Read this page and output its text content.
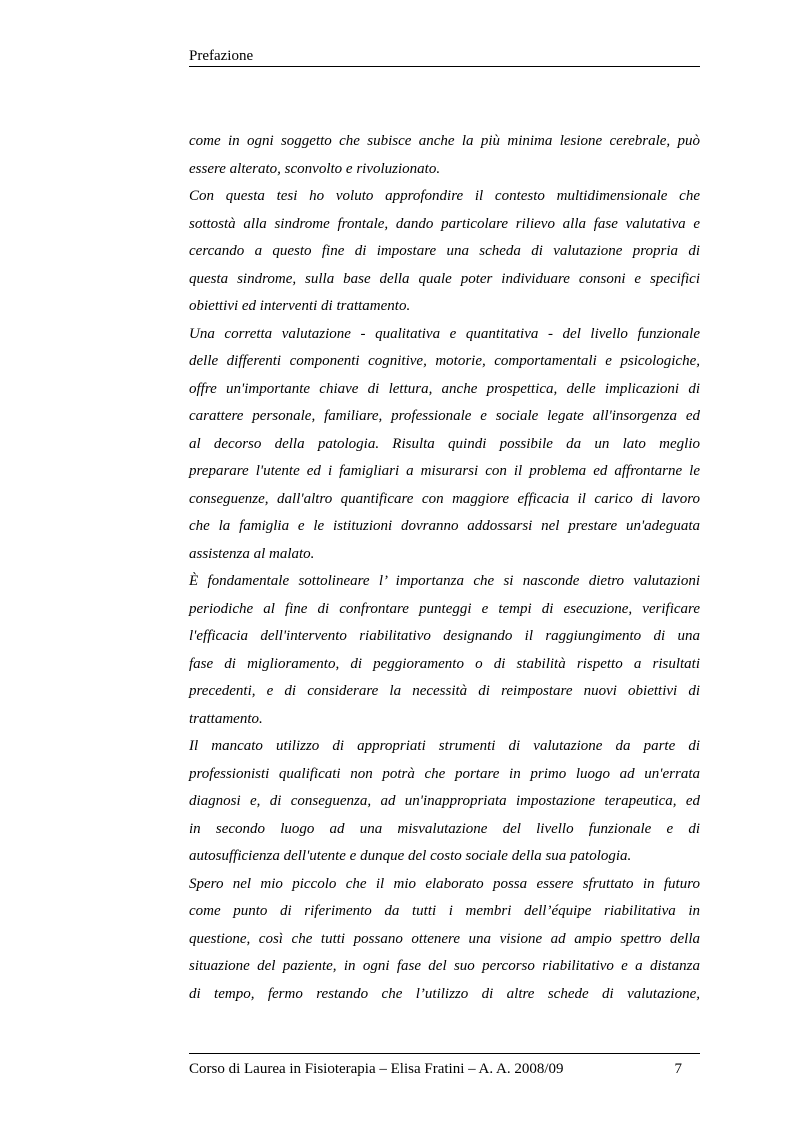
Prefazione
come in ogni soggetto che subisce anche la più minima lesione cerebrale, può
essere alterato, sconvolto e rivoluzionato.
Con questa tesi ho voluto approfondire il contesto multidimensionale che
sottostà alla sindrome frontale, dando particolare rilievo alla fase valutativa e
cercando a questo fine di impostare una scheda di valutazione propria di
questa sindrome, sulla base della quale poter individuare consoni e specifici
obiettivi ed interventi di trattamento.
Una corretta valutazione - qualitativa e quantitativa - del livello funzionale
delle differenti componenti cognitive, motorie, comportamentali e psicologiche,
offre un'importante chiave di lettura, anche prospettica, delle implicazioni di
carattere personale, familiare, professionale e sociale legate all'insorgenza ed
al decorso della patologia. Risulta quindi possibile da un lato meglio
preparare l'utente ed i famigliari a misurarsi con il problema ed affrontarne le
conseguenze, dall'altro quantificare con maggiore efficacia il carico di lavoro
che la famiglia e le istituzioni dovranno addossarsi nel prestare un'adeguata
assistenza al malato.
È fondamentale sottolineare l’ importanza che si nasconde dietro valutazioni
periodiche al fine di confrontare punteggi e tempi di esecuzione, verificare
l'efficacia dell'intervento riabilitativo designando il raggiungimento di una
fase di miglioramento, di peggioramento o di stabilità rispetto a risultati
precedenti, e di considerare la necessità di reimpostare nuovi obiettivi di
trattamento.
Il mancato utilizzo di appropriati strumenti di valutazione da parte di
professionisti qualificati non potrà che portare in primo luogo ad un'errata
diagnosi e, di conseguenza, ad un'inappropriata impostazione terapeutica, ed
in secondo luogo ad una misvalutazione del livello funzionale e di
autosufficienza dell'utente e dunque del costo sociale della sua patologia.
Spero nel mio piccolo che il mio elaborato possa essere sfruttato in futuro
come punto di riferimento da tutti i membri dell’équipe riabilitativa in
questione, così che tutti possano ottenere una visione ad ampio spettro della
situazione del paziente, in ogni fase del suo percorso riabilitativo e a distanza
di tempo, fermo restando che l’utilizzo di altre schede di valutazione,
Corso di Laurea in Fisioterapia – Elisa Fratini – A. A. 2008/09	7
